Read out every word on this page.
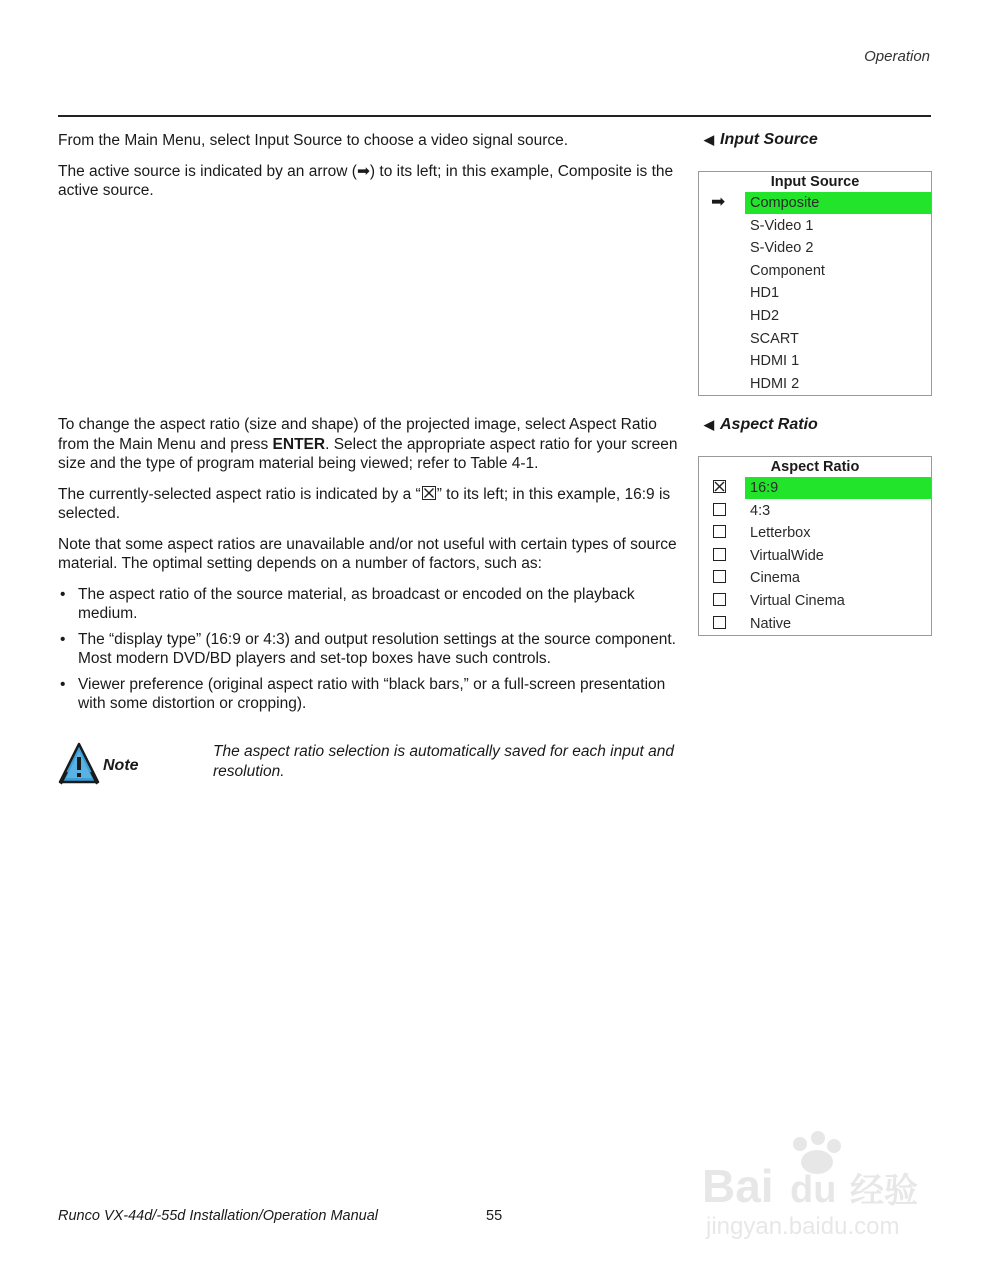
Operation

From the Main Menu, select Input Source to choose a video signal source.

The active source is indicated by an arrow (➡) to its left; in this example, Composite is the active source.

◀ Input Source
Input Source
➡	Composite
S-Video 1
S-Video 2
Component
HD1
HD2
SCART
HDMI 1
HDMI 2

To change the aspect ratio (size and shape) of the projected image, select Aspect Ratio from the Main Menu and press ENTER. Select the appropriate aspect ratio for your screen size and the type of program material being viewed; refer to Table 4-1.

The currently-selected aspect ratio is indicated by a “ ” to its left; in this example, 16:9 is selected.

Note that some aspect ratios are unavailable and/or not useful with certain types of source material. The optimal setting depends on a number of factors, such as:

• The aspect ratio of the source material, as broadcast or encoded on the playback medium.
• The “display type” (16:9 or 4:3) and output resolution settings at the source component. Most modern DVD/BD players and set-top boxes have such controls.
• Viewer preference (original aspect ratio with “black bars,” or a full-screen presentation with some distortion or cropping).
◀ Aspect Ratio
Aspect Ratio
16:9
4:3
Letterbox
VirtualWide
Cinema
Virtual Cinema
Native
Note
The aspect ratio selection is automatically saved for each input and resolution.
Runco VX-44d/-55d Installation/Operation Manual	55
Bai du 经验
jingyan.baidu.com
